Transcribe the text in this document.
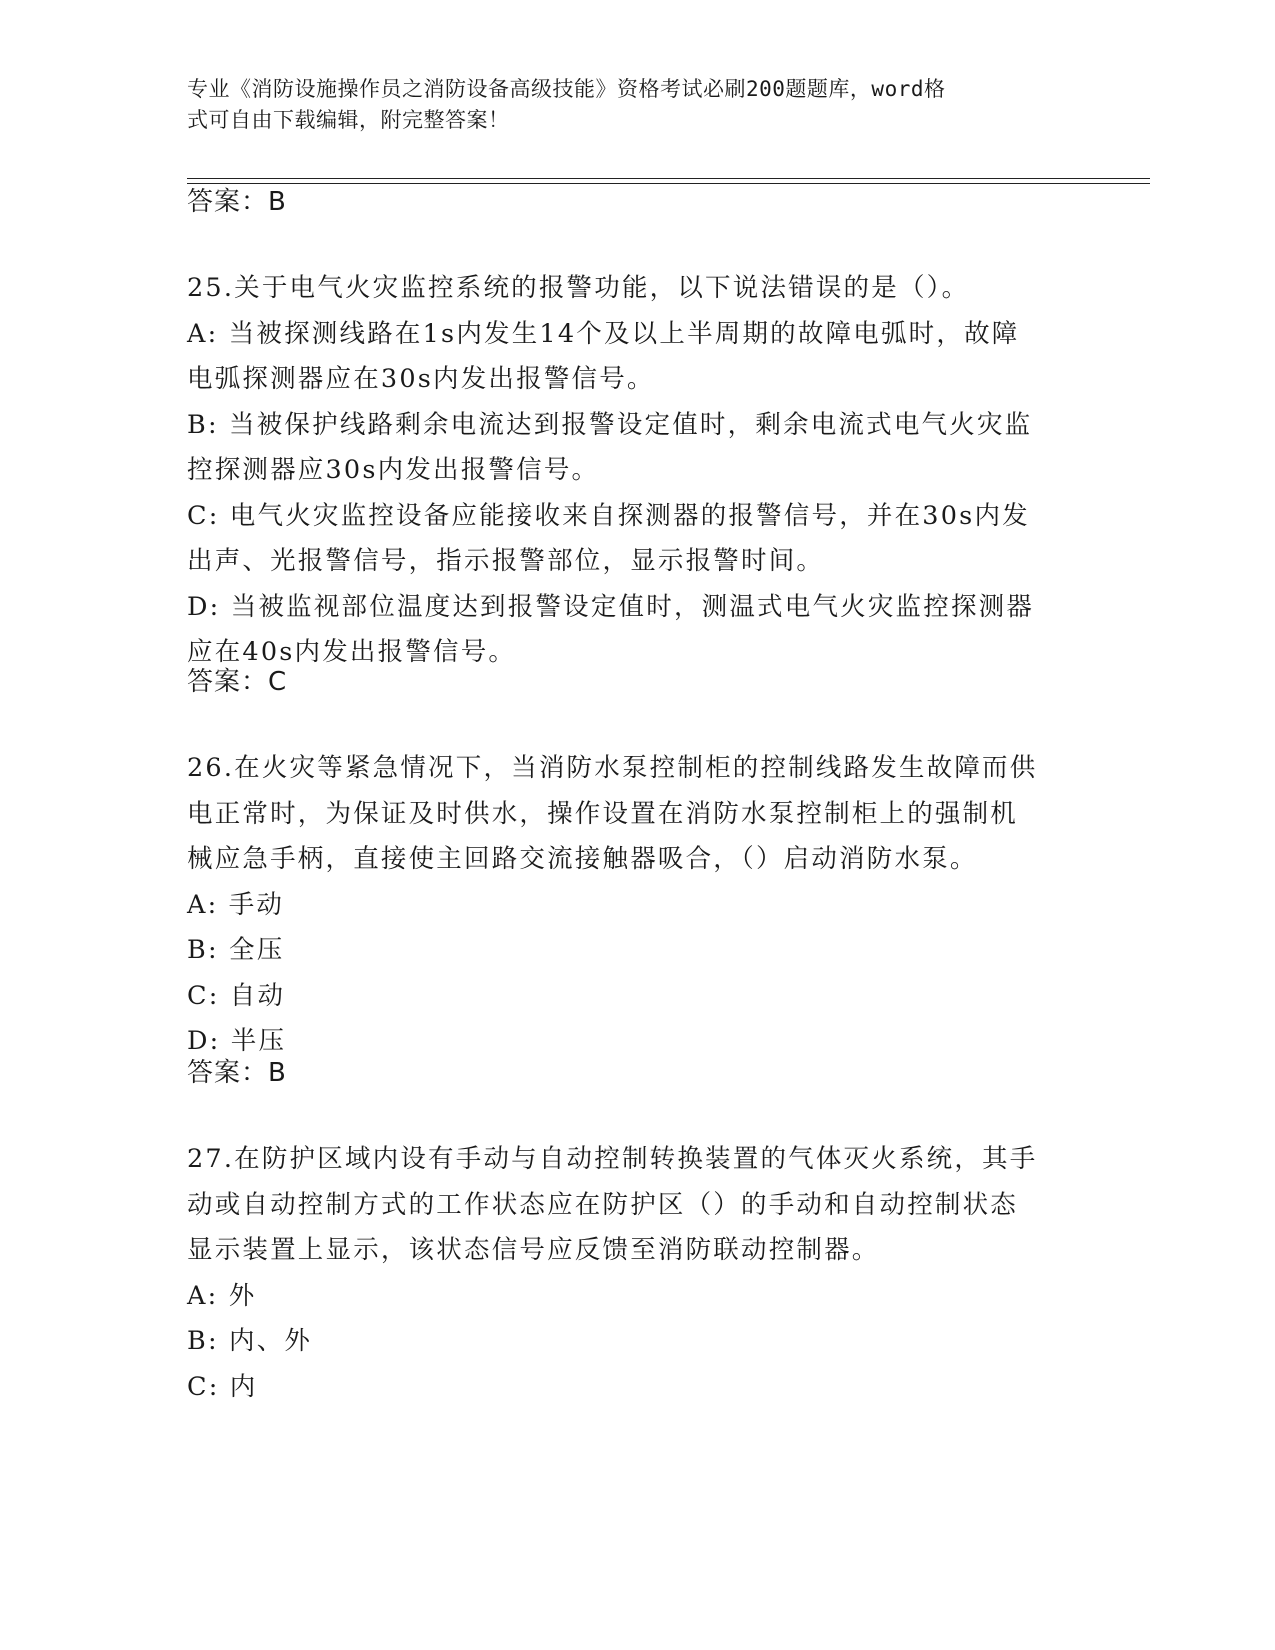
专业《消防设施操作员之消防设备高级技能》资格考试必刷200题题库，word格
式可自由下载编辑，附完整答案！
答案：B
25.关于电气火灾监控系统的报警功能，以下说法错误的是（）。
A: 当被探测线路在1s内发生14个及以上半周期的故障电弧时，故障
电弧探测器应在30s内发出报警信号。
B: 当被保护线路剩余电流达到报警设定值时，剩余电流式电气火灾监
控探测器应30s内发出报警信号。
C: 电气火灾监控设备应能接收来自探测器的报警信号，并在30s内发
出声、光报警信号，指示报警部位，显示报警时间。
D: 当被监视部位温度达到报警设定值时，测温式电气火灾监控探测器
应在40s内发出报警信号。
答案：C
26.在火灾等紧急情况下，当消防水泵控制柜的控制线路发生故障而供
电正常时，为保证及时供水，操作设置在消防水泵控制柜上的强制机
械应急手柄，直接使主回路交流接触器吸合，（）启动消防水泵。
A: 手动
B: 全压
C: 自动
D: 半压
答案：B
27.在防护区域内设有手动与自动控制转换装置的气体灭火系统，其手
动或自动控制方式的工作状态应在防护区（）的手动和自动控制状态
显示装置上显示，该状态信号应反馈至消防联动控制器。
A: 外
B: 内、外
C: 内
